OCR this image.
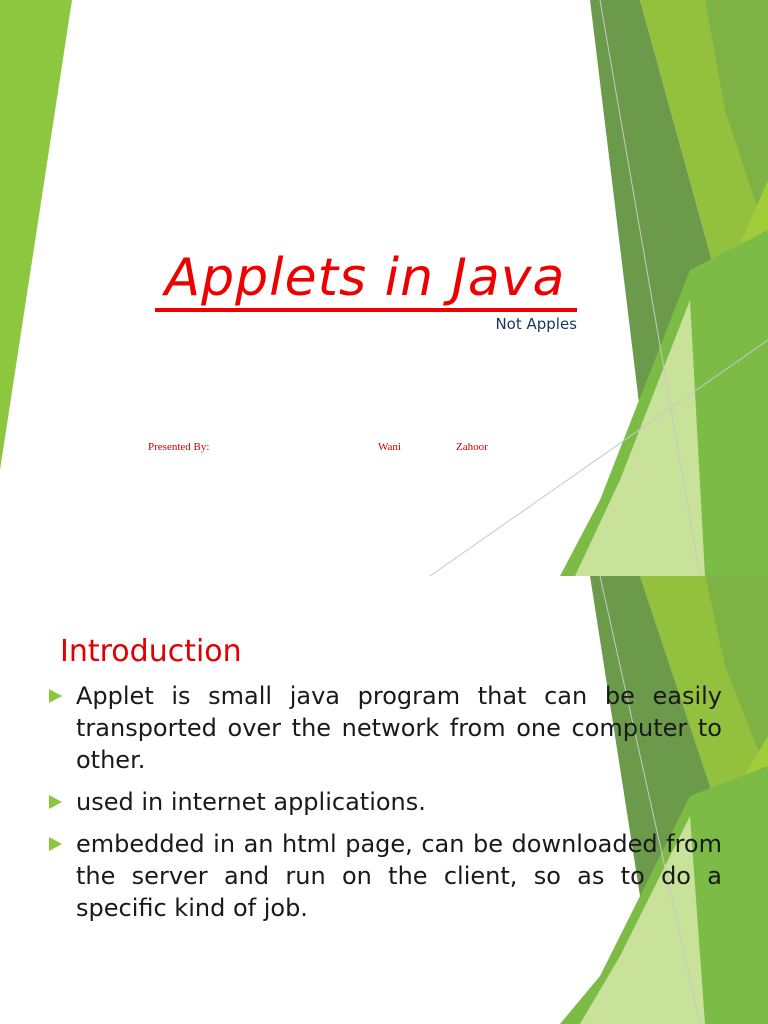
Applets in Java
Not Apples
Presented By:	Wani	Zahoor
Introduction
Applet is small java program that can be easily transported over the network from one computer to other.
used in internet applications.
embedded in an html page, can be downloaded from the server and run on the client, so as to do a specific kind of job.
